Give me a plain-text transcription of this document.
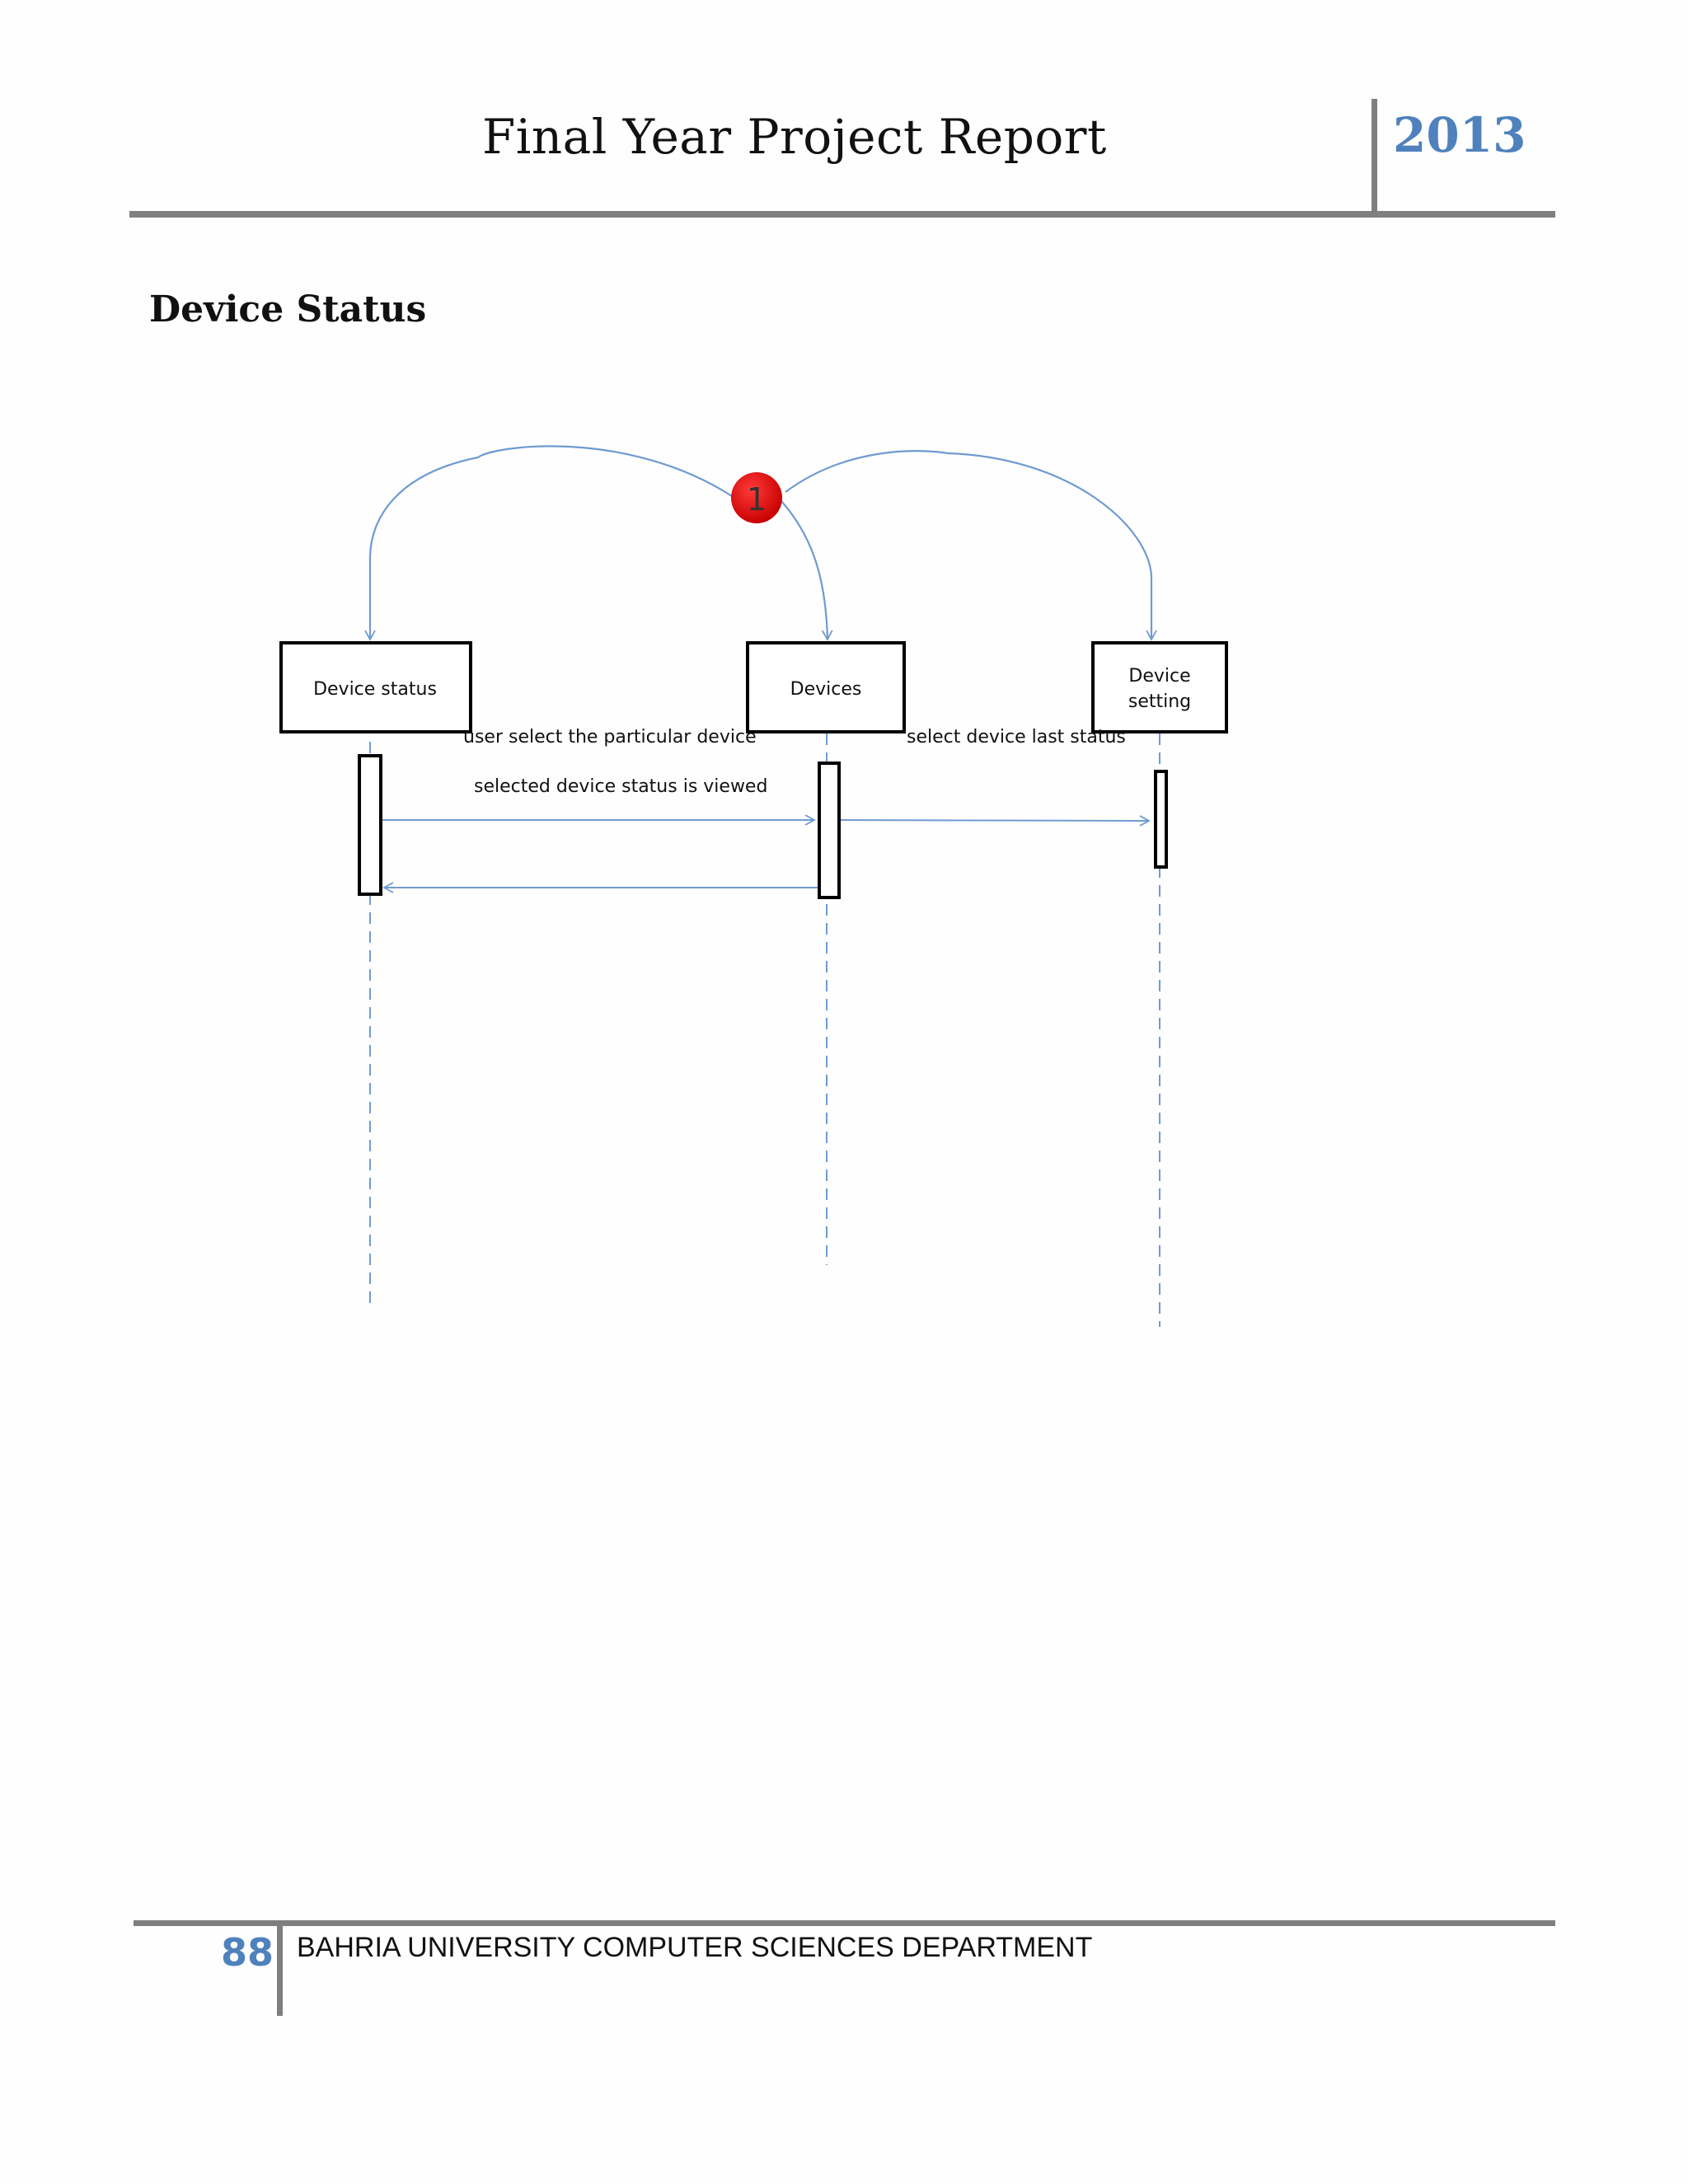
Final Year Project Report	2013
Device Status
1
Device status	Devices
Device
setting
user select the particular device
selected device status is viewed
select device last status
88 BAHRIA UNIVERSITY COMPUTER SCIENCES DEPARTMENT
